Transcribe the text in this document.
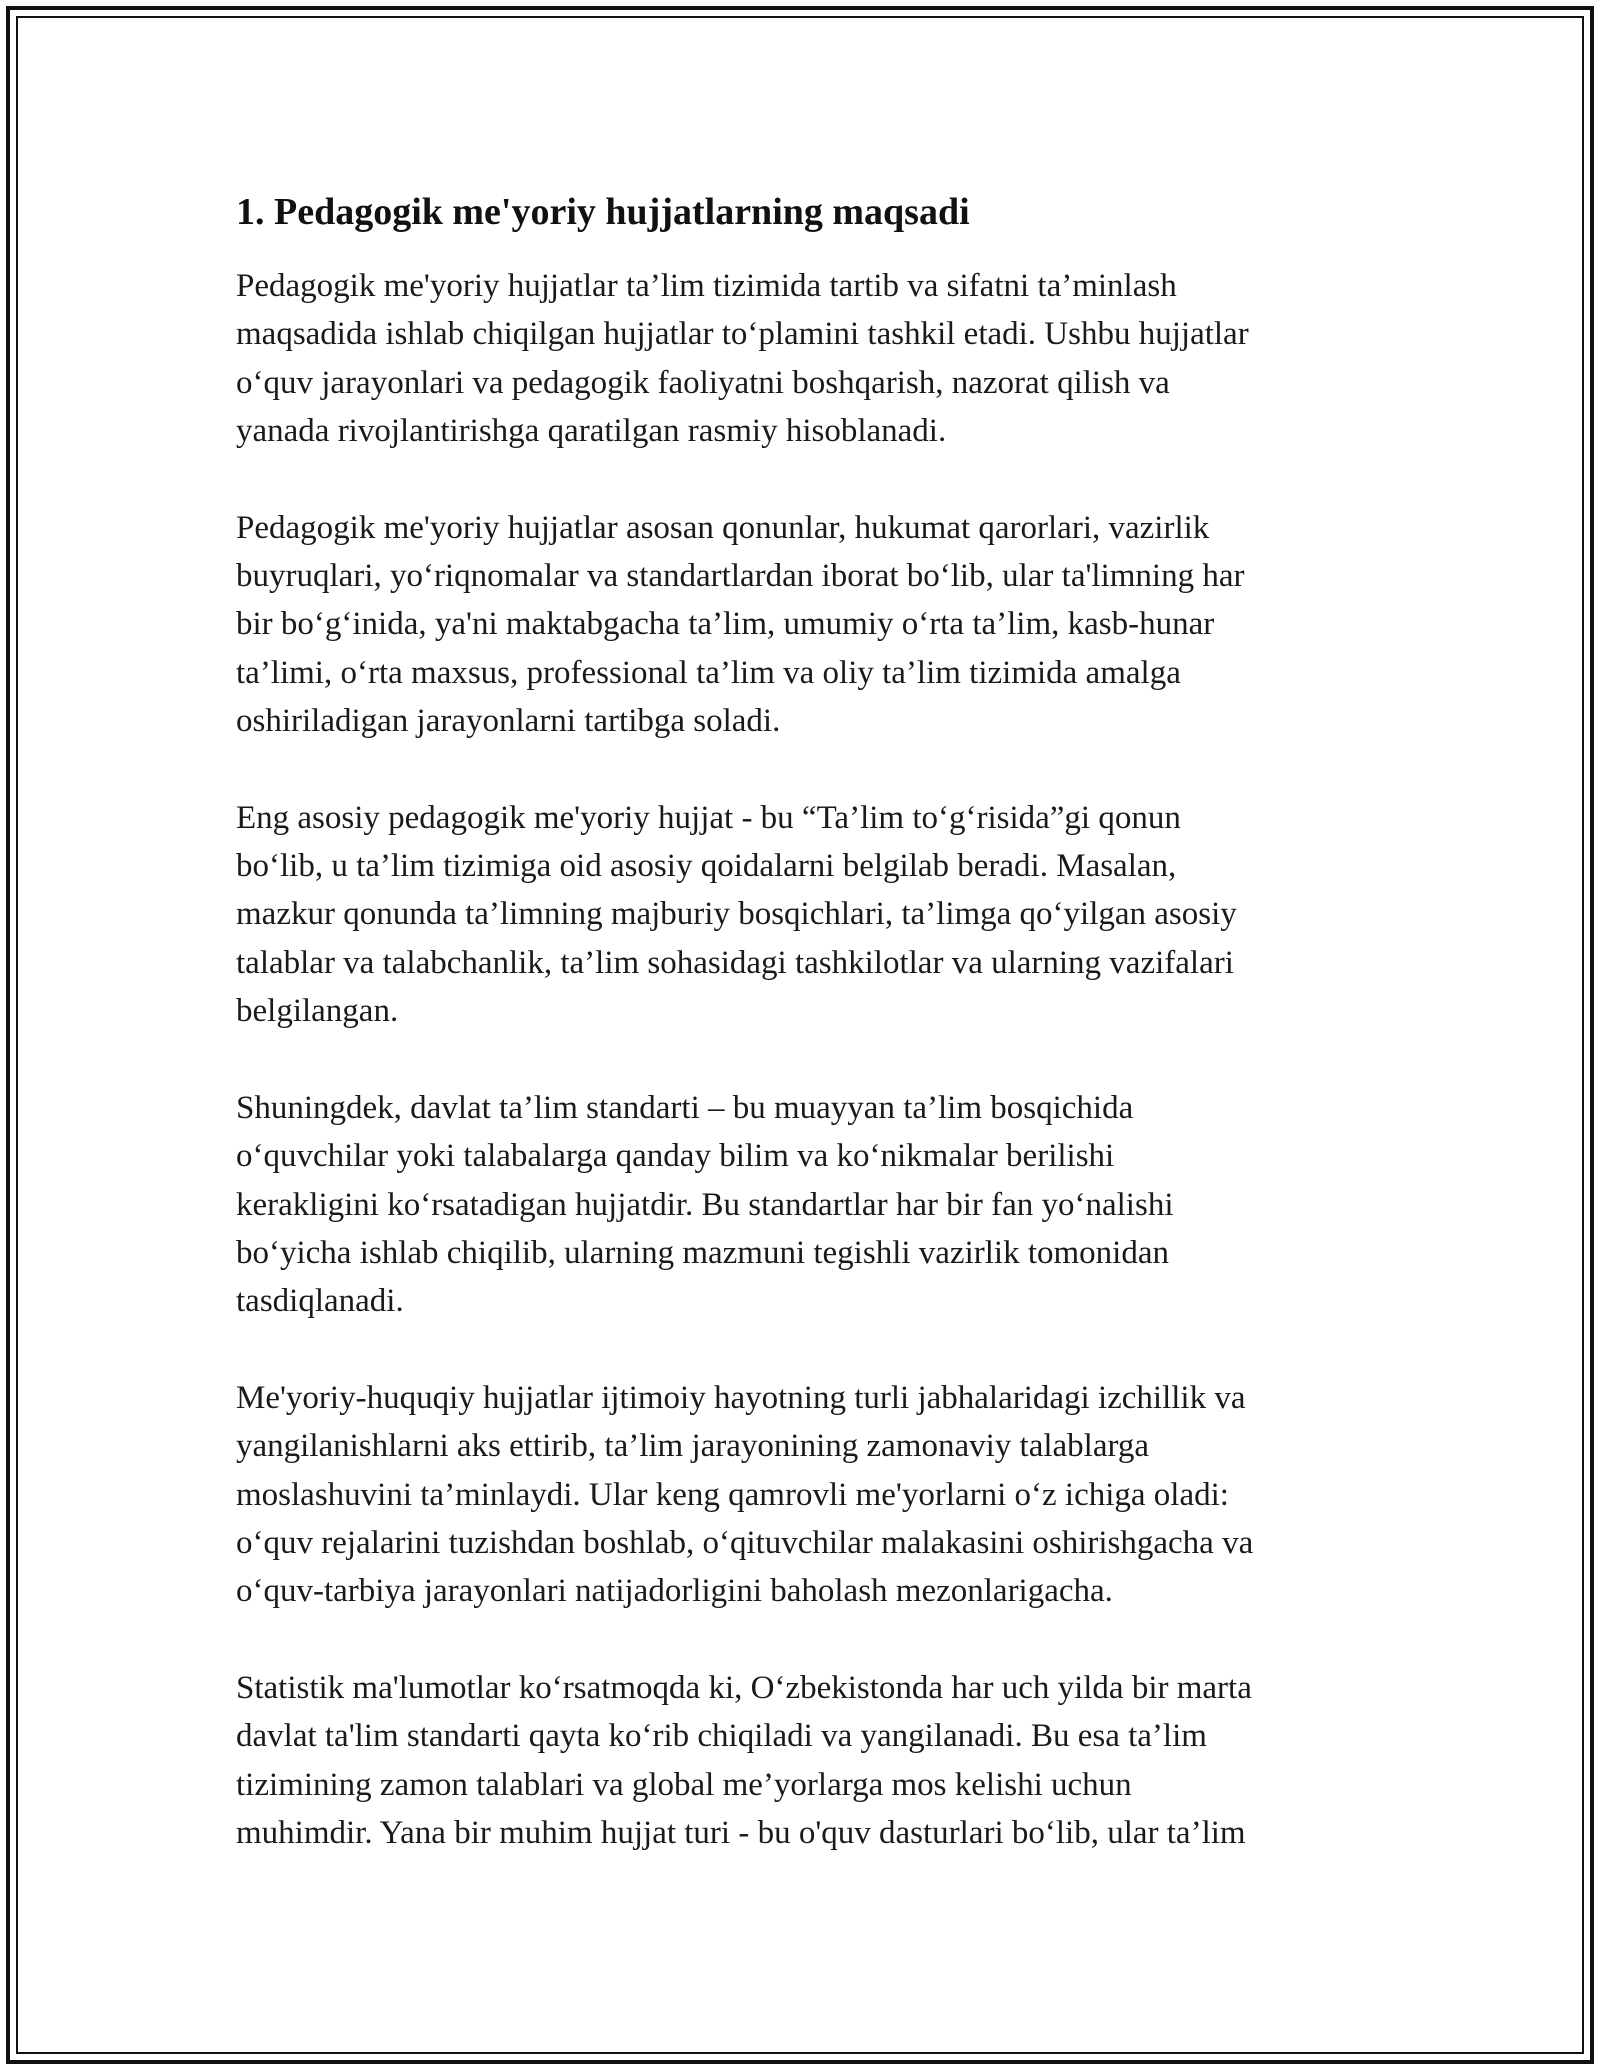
1. Pedagogik me'yoriy hujjatlarning maqsadi

Pedagogik me'yoriy hujjatlar ta’lim tizimida tartib va sifatni ta’minlash
maqsadida ishlab chiqilgan hujjatlar to‘plamini tashkil etadi. Ushbu hujjatlar
o‘quv jarayonlari va pedagogik faoliyatni boshqarish, nazorat qilish va
yanada rivojlantirishga qaratilgan rasmiy hisoblanadi.

Pedagogik me'yoriy hujjatlar asosan qonunlar, hukumat qarorlari, vazirlik
buyruqlari, yo‘riqnomalar va standartlardan iborat bo‘lib, ular ta'limning har
bir bo‘g‘inida, ya'ni maktabgacha ta’lim, umumiy o‘rta ta’lim, kasb-hunar
ta’limi, o‘rta maxsus, professional ta’lim va oliy ta’lim tizimida amalga
oshiriladigan jarayonlarni tartibga soladi.

Eng asosiy pedagogik me'yoriy hujjat - bu “Ta’lim to‘g‘risida”gi qonun
bo‘lib, u ta’lim tizimiga oid asosiy qoidalarni belgilab beradi. Masalan,
mazkur qonunda ta’limning majburiy bosqichlari, ta’limga qo‘yilgan asosiy
talablar va talabchanlik, ta’lim sohasidagi tashkilotlar va ularning vazifalari
belgilangan.

Shuningdek, davlat ta’lim standarti – bu muayyan ta’lim bosqichida
o‘quvchilar yoki talabalarga qanday bilim va ko‘nikmalar berilishi
kerakligini ko‘rsatadigan hujjatdir. Bu standartlar har bir fan yo‘nalishi
bo‘yicha ishlab chiqilib, ularning mazmuni tegishli vazirlik tomonidan
tasdiqlanadi.

Me'yoriy-huquqiy hujjatlar ijtimoiy hayotning turli jabhalaridagi izchillik va
yangilanishlarni aks ettirib, ta’lim jarayonining zamonaviy talablarga
moslashuvini ta’minlaydi. Ular keng qamrovli me'yorlarni o‘z ichiga oladi:
o‘quv rejalarini tuzishdan boshlab, o‘qituvchilar malakasini oshirishgacha va
o‘quv-tarbiya jarayonlari natijadorligini baholash mezonlarigacha.

Statistik ma'lumotlar ko‘rsatmoqda ki, O‘zbekistonda har uch yilda bir marta
davlat ta'lim standarti qayta ko‘rib chiqiladi va yangilanadi. Bu esa ta’lim
tizimining zamon talablari va global me’yorlarga mos kelishi uchun
muhimdir. Yana bir muhim hujjat turi - bu o'quv dasturlari bo‘lib, ular ta’lim
